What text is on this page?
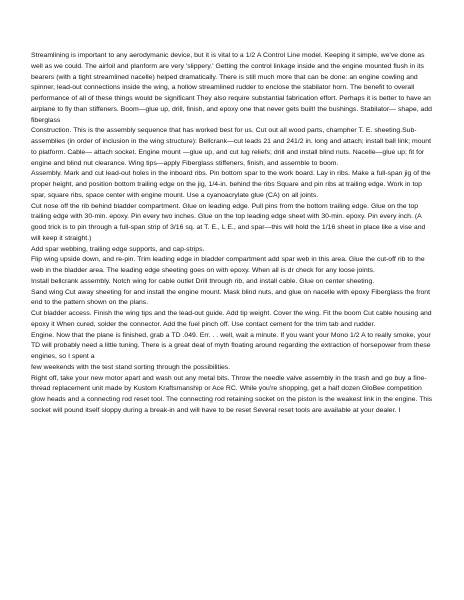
Streamlining is important to any aerodymanic device, but it is vital to a 1/2 A Control Line model. Keeping it simple, we've done as well as we could. The airfoil and planform are very 'slippery.' Getting the control linkage inside and the engine mounted flush in its bearers (with a tight streamlined nacelle) helped dramatically. There is still much more that can be done: an engine cowling and spinner, lead-out connections inside the wing, a hollow streamlined rudder to enclose the stabilator horn. The benefit to overall performance of all of these things would be significant They also require substantial fabrication effort. Perhaps it is better to have an airplane to fly than stiffeners. Boom—glue up, drill, finish, and epoxy one that never gets built! the bushings. Stabilator— shape, add fiberglass

Construction. This is the assembly sequence that has worked best for us. Cut out all wood parts, champher T. E. sheeting.Sub-assemblies (in order of inclusion in the wing structure): Bellcrank—cut leads 21 and 241/2 in. long and attach; install ball link; mount to platform. Cable— attach socket. Engine mount —glue up, and cut lug reliefs; drill and install blind nuts. Nacelle—glue up; fit for engine and blind nut clearance. Wing tips—apply Fiberglass stiffeners, finish, and assemble to boom.

Assembly. Mark and cut lead-out holes in the inboard ribs. Pin bottom spar to the work board. Lay in ribs. Make a full-span jig of the proper height, and position bottom trailing edge on the jig, 1/4-in. behind the ribs Square and pin ribs at trailing edge. Work in top spar, square ribs, space center with engine mount. Use a cyanoacrylate glue (CA) on all joints.

Cut nose off the rib behind bladder compartment. Glue on leading edge. Pull pins from the bottom trailing edge. Glue on the top trailing edge with 30-min. epoxy. Pin every two inches. Glue on the top leading edge sheet with 30-min. epoxy. Pin every inch. (A good trick is to pin through a full-span strip of 3/16 sq. at T. E., L E., and spar—this will hold the 1/16 sheet in place like a vise and will keep it straight.)

Add spar webbing, trailing edge supports, and cap-strips.

Flip wing upside down, and re-pin. Trim leading edge in bladder compartment add spar web in this area. Glue the cut-off rib to the web in the bladder area. The leading edge sheeting goes on with epoxy. When all is dr check for any loose joints.

Install bellcrank assembly. Notch wing for cable outlet Drill through rib, and install cable. Glue on center sheeting.

Sand wing Cut away sheeting for and install the engine mount. Mask blind nuts, and glue on nacelle with epoxy Fiberglass the front end to the pattern shown on the plans.

Cut bladder access. Finish the wing tips and the lead-out guide. Add tip weight. Cover the wing. Fit the boom Cut cable housing and epoxy it When cured, solder the connector. Add the fuel pinch off. Use contact cement for the trim tab and rudder.

Engine. Now that the plane is finished, grab a TD .049. Err. . . well, wait a minute. If you want your Mono 1/2 A to really smoke, your TD will probably need a little tuning. There is a great deal of myth floating around regarding the extraction of horsepower from these engines, so I spent a

few weekends with the test stand sorting through the possibilities.

Right off, take your new motor apart and wash out any metal bits. Throw the needle valve assembly in the trash and go buy a fine-thread replacement unit made by Kustom Kraftsmanship or Ace RC. While you're shopping, get a half dozen GloBee competition glow heads and a connecting rod reset tool. The connecting rod retaining socket on the piston is the weakest link in the engine. This socket will pound itself sloppy during a break-in and will have to be reset Several reset tools are available at your dealer. I
